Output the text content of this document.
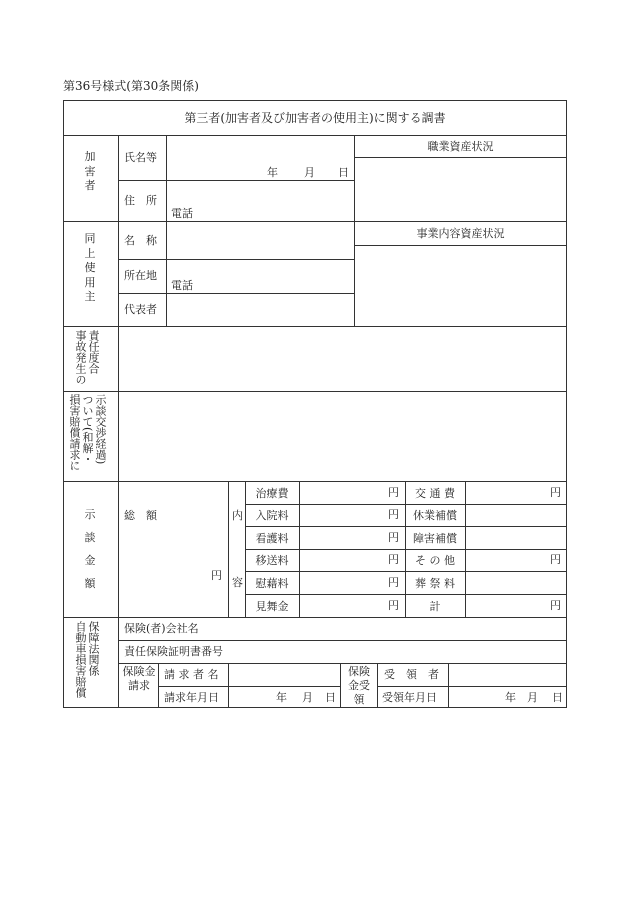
第36号様式(第30条関係)
第三者(加害者及び加害者の使用主)に関する調書
加害者
氏名等
年 月 日
住　所
電話
職業資産状況
同上使用主
名　称
所在地
電話
代表者
事業内容資産状況
事故発生の 責任度合
損害賠償請求に ついて(和解・ 示談交渉経過)
示談金額
総　額
円
内
容
治療費
入院料
看護料
移送料
慰藉料
見舞金
円
円
円
円
円
円
交 通 費
休業補償
障害補償
そ の 他
葬 祭 料
計
円
円
円
自動車損害賠償 保障法関係 保険(者)会社名
責任保険証明書番号
保険金請求
請 求 者 名
請求年月日	年 月 日
保険金受領
受　領　者
受領年月日	年 月 日
